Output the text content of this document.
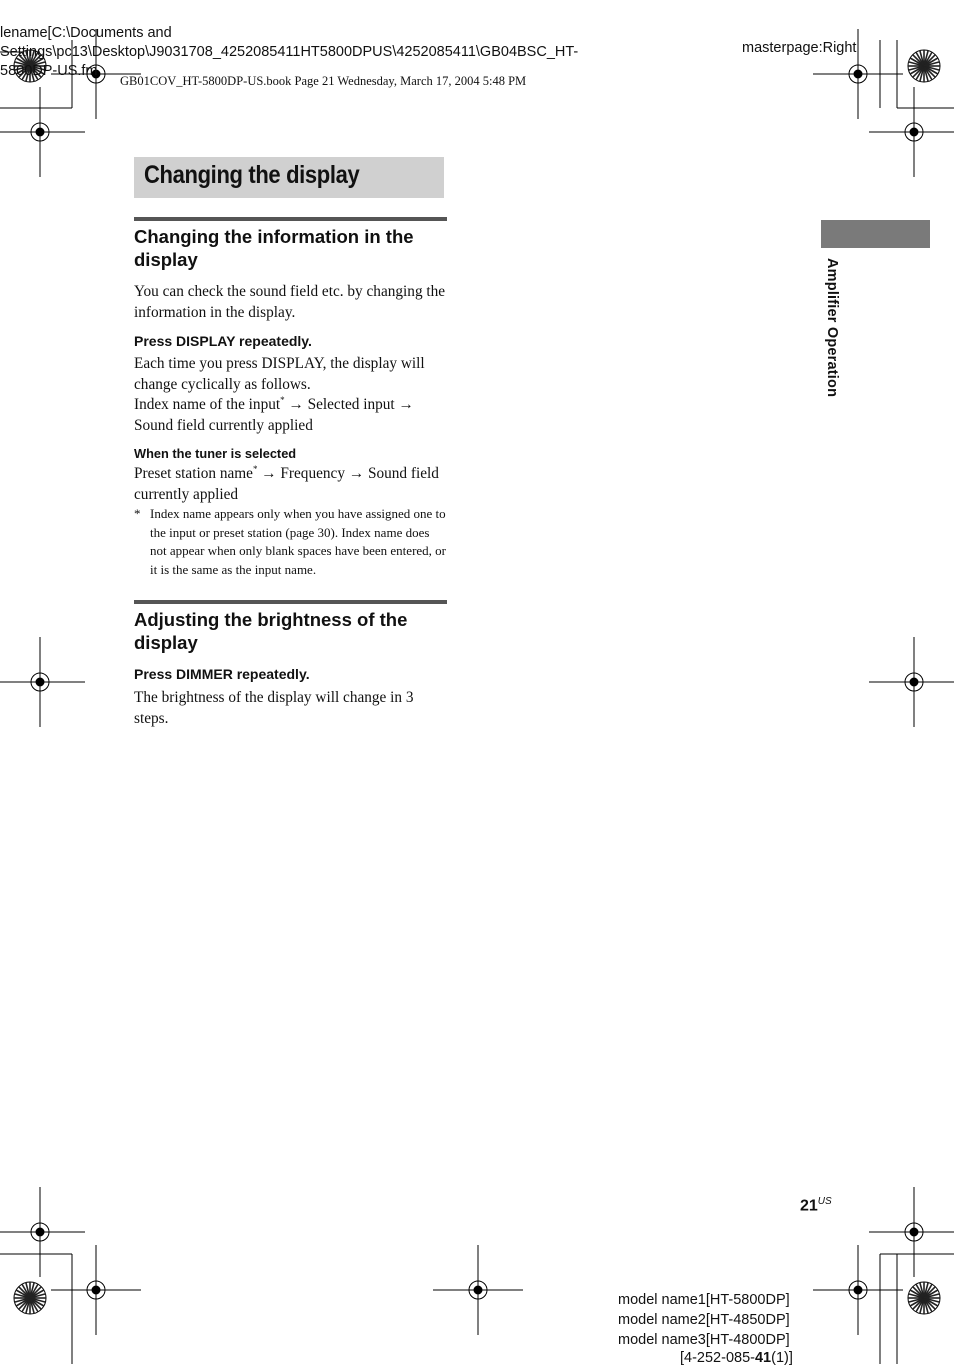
lename[C:\Documents and
Settings\pc13\Desktop\J9031708_4252085411HT5800DPUS\4252085411\GB04BSC_HT-
5800DP-US.fm
GB01COV_HT-5800DP-US.book Page 21 Wednesday, March 17, 2004 5:48 PM
masterpage:Right
Changing the display
Changing the information in the display
You can check the sound field etc. by changing the information in the display.
Press DISPLAY repeatedly.
Each time you press DISPLAY, the display will change cyclically as follows.
Index name of the input* → Selected input →
Sound field currently applied
When the tuner is selected
Preset station name* → Frequency → Sound field currently applied
* Index name appears only when you have assigned one to the input or preset station (page 30). Index name does not appear when only blank spaces have been entered, or it is the same as the input name.
Adjusting the brightness of the display
Press DIMMER repeatedly.
The brightness of the display will change in 3 steps.
Amplifier Operation
$21^{US}$
model name1[HT-5800DP]
model name2[HT-4850DP]
model name3[HT-4800DP]
[4-252-085-41(1)]
